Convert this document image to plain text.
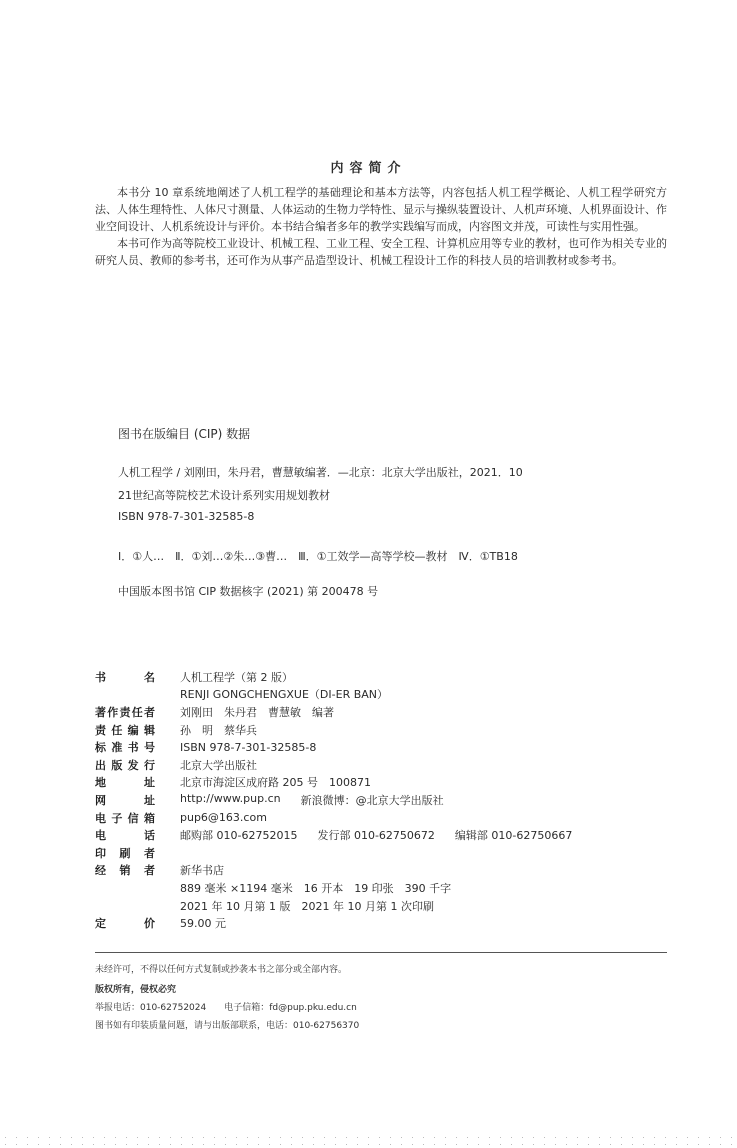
内容简介

本书分 10 章系统地阐述了人机工程学的基础理论和基本方法等，内容包括人机工程学概论、人机工程学研究方法、人体生理特性、人体尺寸测量、人体运动的生物力学特性、显示与操纵装置设计、人机声环境、人机界面设计、作业空间设计、人机系统设计与评价。本书结合编者多年的教学实践编写而成，内容图文并茂，可读性与实用性强。

本书可作为高等院校工业设计、机械工程、工业工程、安全工程、计算机应用等专业的教材，也可作为相关专业的研究人员、教师的参考书，还可作为从事产品造型设计、机械工程设计工作的科技人员的培训教材或参考书。

图书在版编目 (CIP) 数据
人机工程学 / 刘刚田，朱丹君，曹慧敏编著．—北京：北京大学出版社，2021．10
21世纪高等院校艺术设计系列实用规划教材
ISBN 978-7-301-32585-8
Ⅰ．①人…　Ⅱ．①刘…②朱…③曹…　Ⅲ．①工效学—高等学校—教材　Ⅳ．①TB18
中国版本图书馆 CIP 数据核字 (2021) 第 200478 号
书名 人机工程学（第 2 版）
RENJI GONGCHENGXUE（DI-ER BAN）
著作责任者 刘刚田　朱丹君　曹慧敏　编著
责任编辑 孙　明　蔡华兵
标准书号 ISBN 978-7-301-32585-8
出版发行 北京大学出版社
地址 北京市海淀区成府路 205 号　100871
网址 http://www.pup.cn 新浪微博：@北京大学出版社
电子信箱 pup6@163.com
电话 邮购部 010-62752015 发行部 010-62750672 编辑部 010-62750667
印刷者
经销者 新华书店
889 毫米 ×1194 毫米　16 开本　19 印张　390 千字
2021 年 10 月第 1 版　2021 年 10 月第 1 次印刷
定价 59.00 元
未经许可，不得以任何方式复制或抄袭本书之部分或全部内容。
版权所有，侵权必究
举报电话：010-62752024　　电子信箱：fd@pup.pku.edu.cn
图书如有印装质量问题，请与出版部联系，电话：010-62756370
